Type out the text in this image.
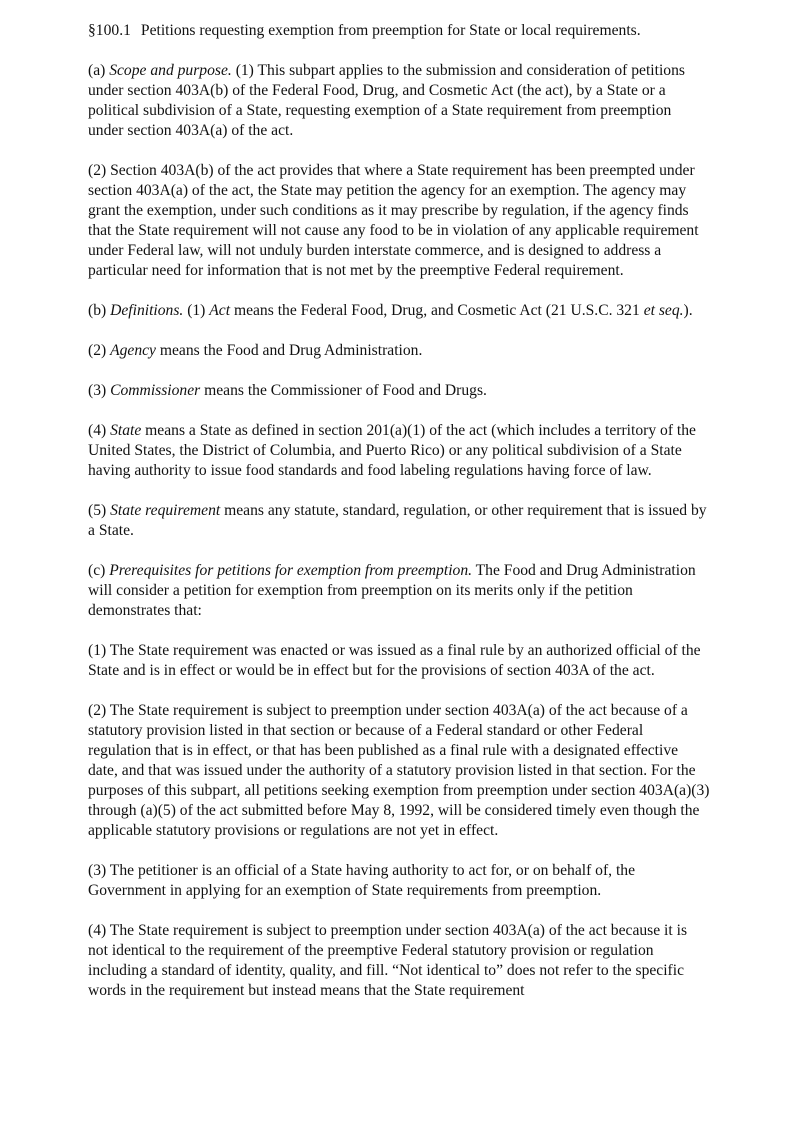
§100.1 Petitions requesting exemption from preemption for State or local requirements.

(a) Scope and purpose. (1) This subpart applies to the submission and consideration of petitions under section 403A(b) of the Federal Food, Drug, and Cosmetic Act (the act), by a State or a political subdivision of a State, requesting exemption of a State requirement from preemption under section 403A(a) of the act.

(2) Section 403A(b) of the act provides that where a State requirement has been preempted under section 403A(a) of the act, the State may petition the agency for an exemption. The agency may grant the exemption, under such conditions as it may prescribe by regulation, if the agency finds that the State requirement will not cause any food to be in violation of any applicable requirement under Federal law, will not unduly burden interstate commerce, and is designed to address a particular need for information that is not met by the preemptive Federal requirement.

(b) Definitions. (1) Act means the Federal Food, Drug, and Cosmetic Act (21 U.S.C. 321 et seq.).

(2) Agency means the Food and Drug Administration.

(3) Commissioner means the Commissioner of Food and Drugs.

(4) State means a State as defined in section 201(a)(1) of the act (which includes a territory of the United States, the District of Columbia, and Puerto Rico) or any political subdivision of a State having authority to issue food standards and food labeling regulations having force of law.

(5) State requirement means any statute, standard, regulation, or other requirement that is issued by a State.

(c) Prerequisites for petitions for exemption from preemption. The Food and Drug Administration will consider a petition for exemption from preemption on its merits only if the petition demonstrates that:

(1) The State requirement was enacted or was issued as a final rule by an authorized official of the State and is in effect or would be in effect but for the provisions of section 403A of the act.

(2) The State requirement is subject to preemption under section 403A(a) of the act because of a statutory provision listed in that section or because of a Federal standard or other Federal regulation that is in effect, or that has been published as a final rule with a designated effective date, and that was issued under the authority of a statutory provision listed in that section. For the purposes of this subpart, all petitions seeking exemption from preemption under section 403A(a)(3) through (a)(5) of the act submitted before May 8, 1992, will be considered timely even though the applicable statutory provisions or regulations are not yet in effect.

(3) The petitioner is an official of a State having authority to act for, or on behalf of, the Government in applying for an exemption of State requirements from preemption.

(4) The State requirement is subject to preemption under section 403A(a) of the act because it is not identical to the requirement of the preemptive Federal statutory provision or regulation including a standard of identity, quality, and fill. “Not identical to” does not refer to the specific words in the requirement but instead means that the State requirement
